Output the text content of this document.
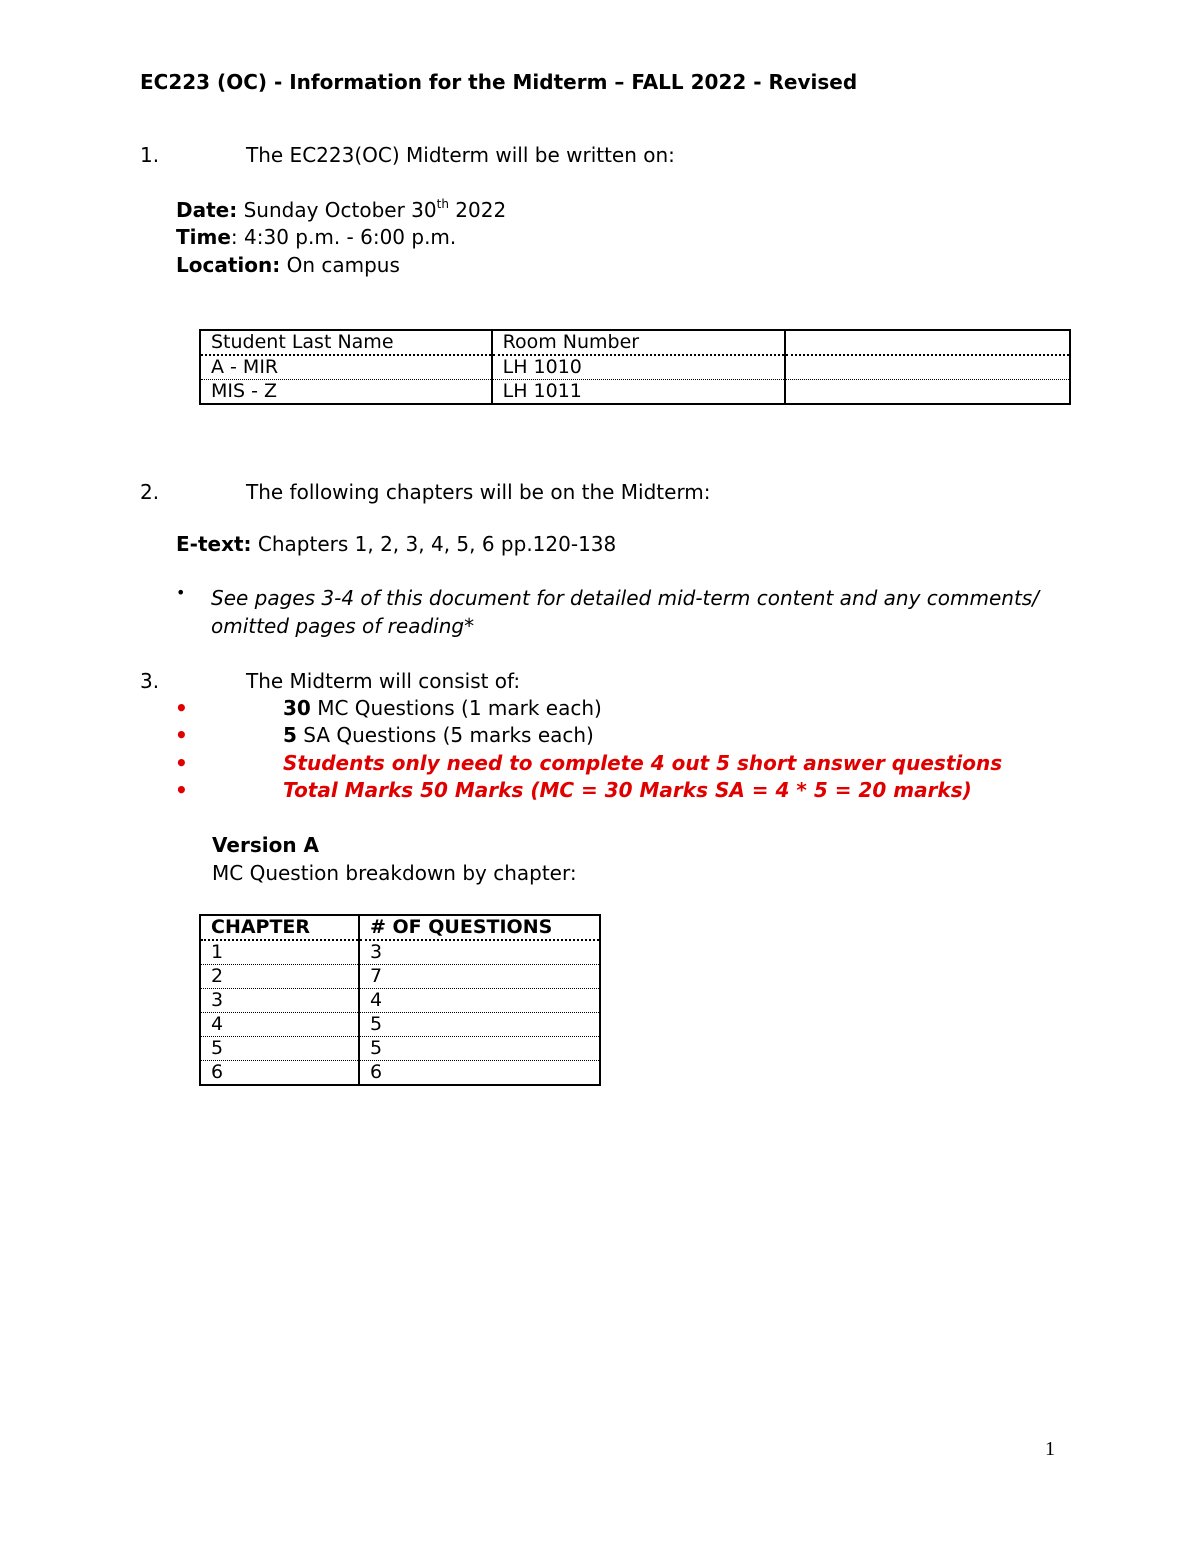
EC223 (OC) - Information for the Midterm – FALL 2022 - Revised
1.	The EC223(OC) Midterm will be written on:
Date: Sunday October 30th 2022
Time: 4:30 p.m. - 6:00 p.m.
Location: On campus
Student Last Name	Room Number	
A - MIR	LH 1010	
MIS - Z	LH 1011	
2.	The following chapters will be on the Midterm:
E-text: Chapters 1, 2, 3, 4, 5, 6 pp.120-138
• See pages 3-4 of this document for detailed mid-term content and any comments/
omitted pages of reading*
3.	The Midterm will consist of:
•	30 MC Questions (1 mark each)
•	5 SA Questions (5 marks each)
•	Students only need to complete 4 out 5 short answer questions
•	Total Marks 50 Marks (MC = 30 Marks SA = 4 * 5 = 20 marks)
Version A
MC Question breakdown by chapter:
CHAPTER	# OF QUESTIONS
1	3
2	7
3	4
4	5
5	5
6	6
1
